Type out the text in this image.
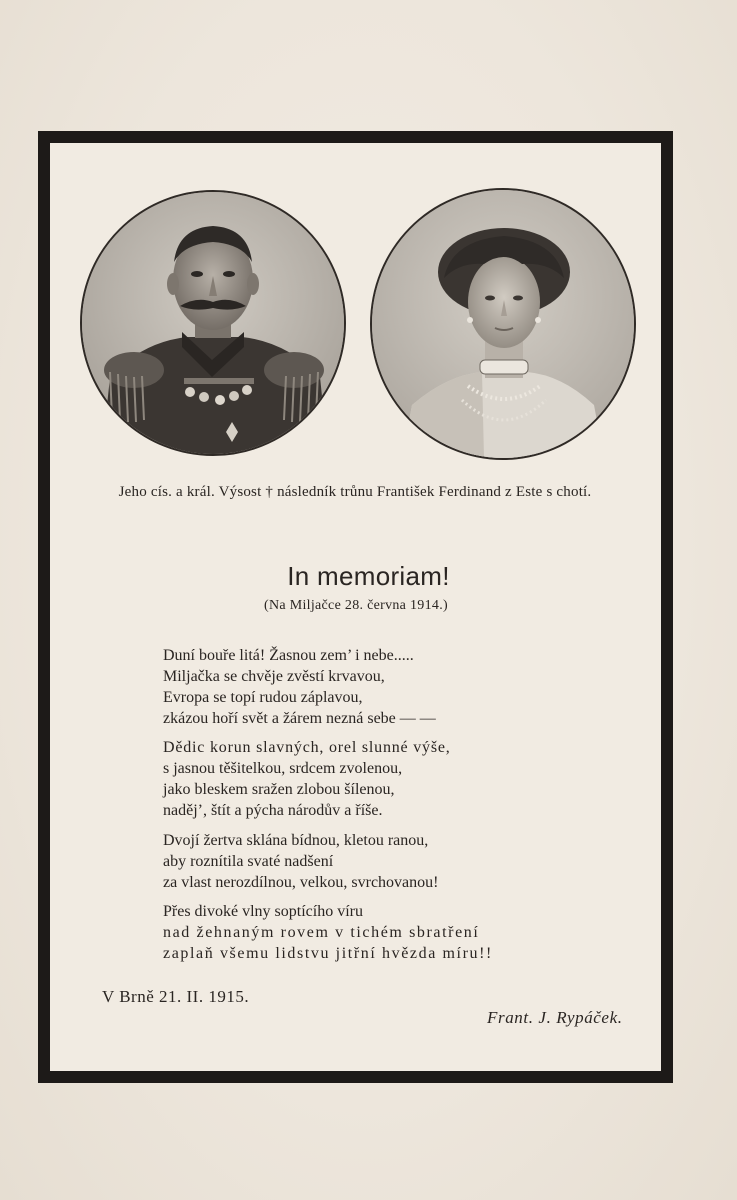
Jeho cís. a král. Výsost † následník trůnu František Ferdinand z Este s chotí.
In memoriam!
(Na Miljačce 28. června 1914.)
Duní bouře litá! Žasnou zem’ i nebe.....
Miljačka se chvěje zvěstí krvavou,
Evropa se topí rudou záplavou,
zkázou hoří svět a žárem nezná sebe — —
Dědic korun slavných, orel slunné výše,
s jasnou těšitelkou, srdcem zvolenou,
jako bleskem sražen zlobou šílenou,
naděj’, štít a pýcha národův a říše.
Dvojí žertva sklána bídnou, kletou ranou,
aby roznítila svaté nadšení
za vlast nerozdílnou, velkou, svrchovanou!
Přes divoké vlny soptícího víru
nad žehnaným rovem v tichém sbratření
zaplaň všemu lidstvu jitřní hvězda míru!!
V Brně 21. II. 1915.
Frant. J. Rypáček.
